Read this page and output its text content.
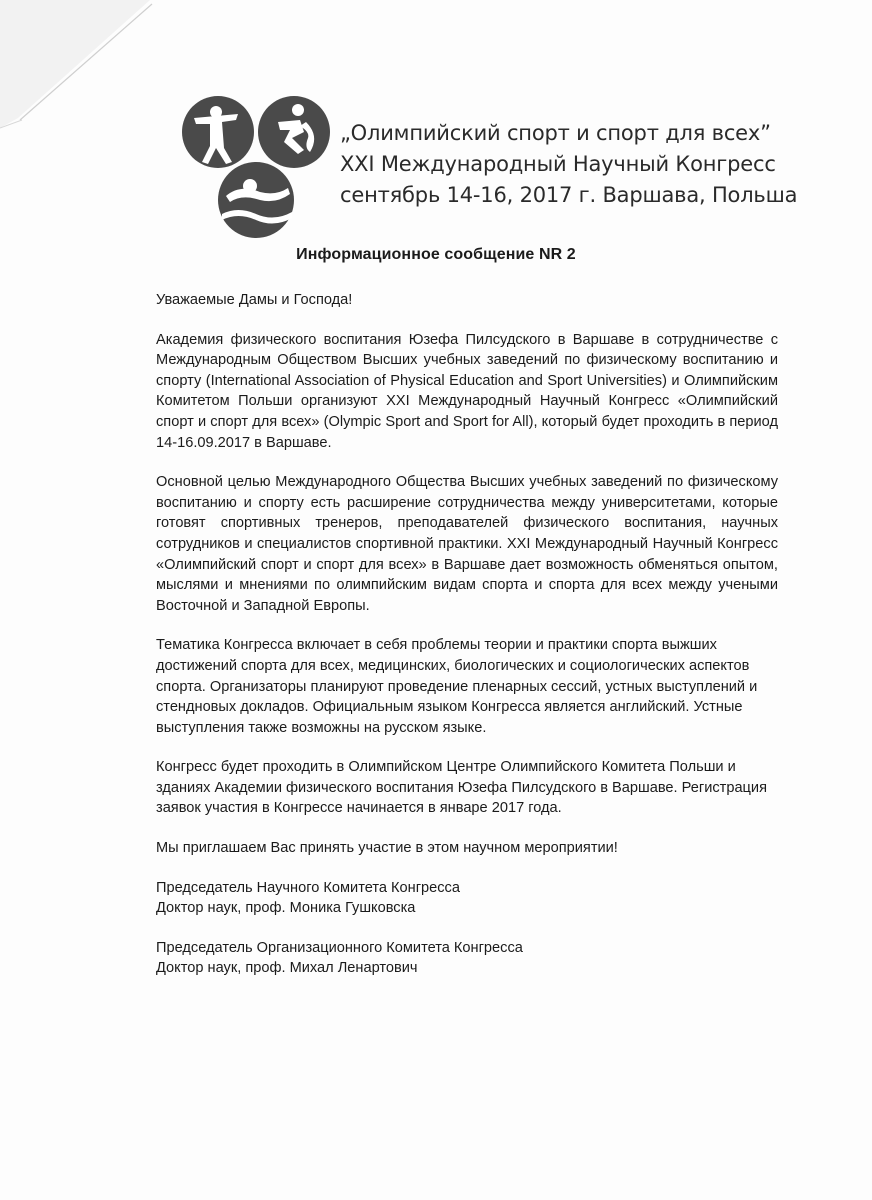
„Олимпийский спорт и спорт для всех”
XXI Международный Научный Конгресс
сентябрь 14-16, 2017 г. Варшава, Польша
Информационное сообщение NR 2

Уважаемые Дамы и Господа!

Академия физического воспитания Юзефа Пилсудского в Варшаве в сотрудничестве с Международным Обществом Высших учебных заведений по физическому воспитанию и спорту (International Association of Physical Education and Sport Universities) и Олимпийским Комитетом Польши организуют XXI Международный Научный Конгресс «Олимпийский спорт и спорт для всех» (Olympic Sport and Sport for All), который будет проходить в период 14-16.09.2017 в Варшаве.

Основной целью Международного Общества Высших учебных заведений по физическому воспитанию и спорту есть расширение сотрудничества между университетами, которые готовят спортивных тренеров, преподавателей физического воспитания, научных сотрудников и специалистов спортивной практики. XXI Международный Научный Конгресс «Олимпийский спорт и спорт для всех» в Варшаве дает возможность обменяться опытом, мыслями и мнениями по олимпийским видам спорта и спорта для всех между учеными Восточной и Западной Европы.

Тематика Конгресса включает в себя проблемы теории и практики спорта выжших достижений спорта для всех, медицинских, биологических и социологических аспектов спорта. Организаторы планируют проведение пленарных сессий, устных выступлений и стендновых докладов. Официальным языком Конгресса является английский. Устные выступления также возможны на русском языке.

Конгресс будет проходить в Олимпийском Центре Олимпийского Комитета Польши и зданиях Академии физического воспитания Юзефа Пилсудского в Варшаве. Регистрация заявок участия в Конгрессе начинается в январе 2017 года.

Мы приглашаем Вас принять участие в этом научном мероприятии!

Председатель Научного Комитета Конгресса
Доктор наук, проф. Моника Гушковска

Председатель Организационного Комитета Конгресса
Доктор наук, проф. Михал Ленартович
